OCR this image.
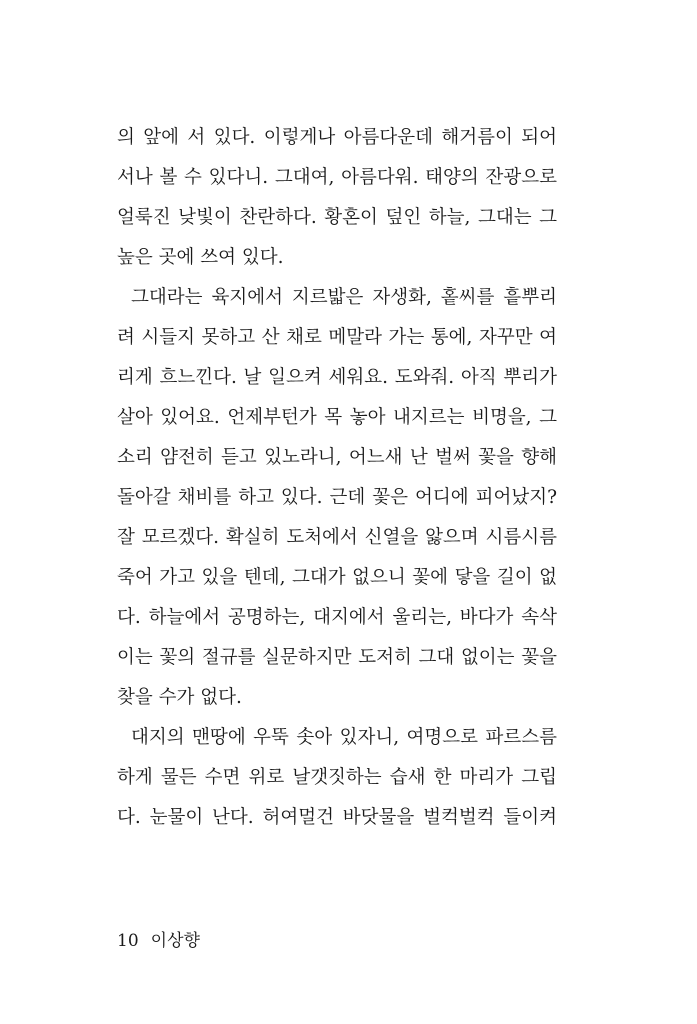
의 앞에 서 있다. 이렇게나 아름다운데 해거름이 되어
서나 볼 수 있다니. 그대여, 아름다워. 태양의 잔광으로
얼룩진 낮빛이 찬란하다. 황혼이 덮인 하늘, 그대는 그
높은 곳에 쓰여 있다.
그대라는 육지에서 지르밟은 자생화, 홑씨를 흩뿌리
려 시들지 못하고 산 채로 메말라 가는 통에, 자꾸만 여
리게 흐느낀다. 날 일으켜 세워요. 도와줘. 아직 뿌리가
살아 있어요. 언제부턴가 목 놓아 내지르는 비명을, 그
소리 얌전히 듣고 있노라니, 어느새 난 벌써 꽃을 향해
돌아갈 채비를 하고 있다. 근데 꽃은 어디에 피어났지?
잘 모르겠다. 확실히 도처에서 신열을 앓으며 시름시름
죽어 가고 있을 텐데, 그대가 없으니 꽃에 닿을 길이 없
다. 하늘에서 공명하는, 대지에서 울리는, 바다가 속삭
이는 꽃의 절규를 실문하지만 도저히 그대 없이는 꽃을
찾을 수가 없다.
대지의 맨땅에 우뚝 솟아 있자니, 여명으로 파르스름
하게 물든 수면 위로 날갯짓하는 습새 한 마리가 그립
다. 눈물이 난다. 허여멀건 바닷물을 벌컥벌컥 들이켜
10 이상향
